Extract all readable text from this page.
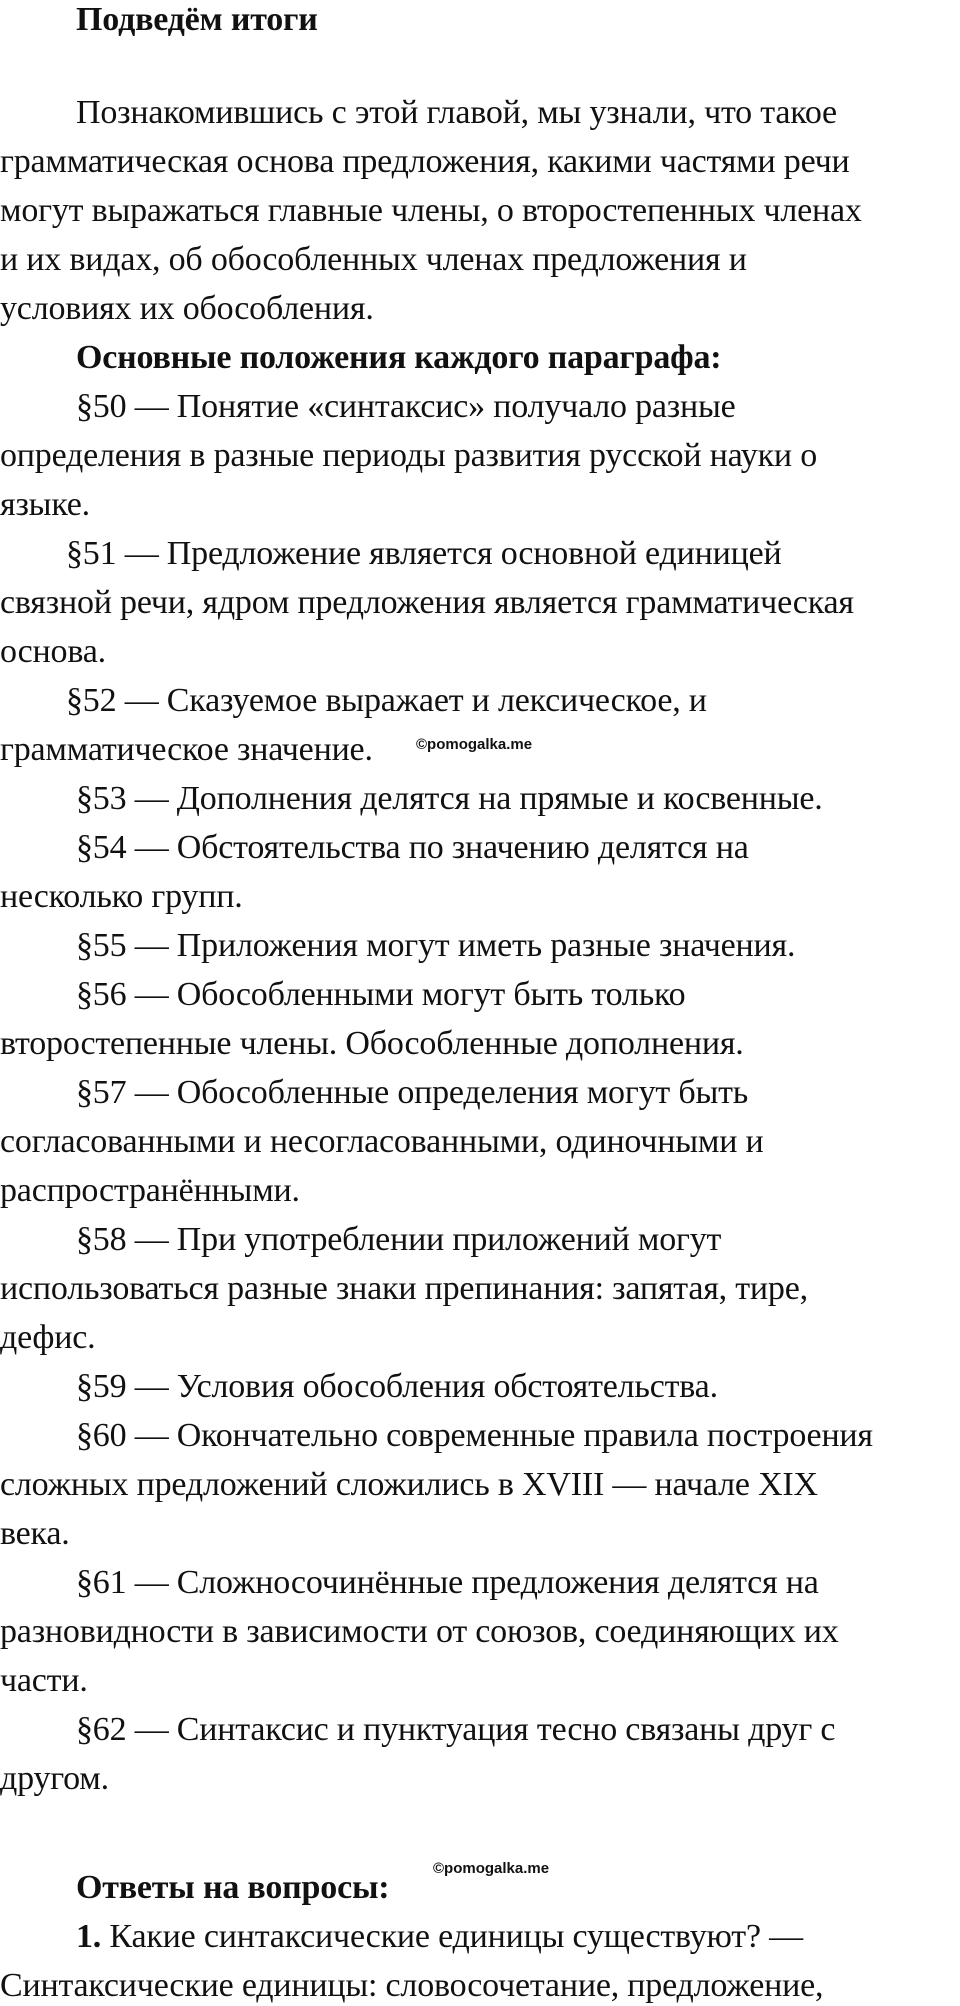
Подведём итоги
Познакомившись с этой главой, мы узнали, что такое
грамматическая основа предложения, какими частями речи
могут выражаться главные члены, о второстепенных членах
и их видах, об обособленных членах предложения и
условиях их обособления.
Основные положения каждого параграфа:
§50 — Понятие «синтаксис» получало разные
определения в разные периоды развития русской науки о
языке.
§51 — Предложение является основной единицей
связной речи, ядром предложения является грамматическая
основа.
§52 — Сказуемое выражает и лексическое, и
грамматическое значение.	©pomogalka.me
§53 — Дополнения делятся на прямые и косвенные.
§54 — Обстоятельства по значению делятся на
несколько групп.
§55 — Приложения могут иметь разные значения.
§56 — Обособленными могут быть только
второстепенные члены. Обособленные дополнения.
§57 — Обособленные определения могут быть
согласованными и несогласованными, одиночными и
распространёнными.
§58 — При употреблении приложений могут
использоваться разные знаки препинания: запятая, тире,
дефис.
§59 — Условия обособления обстоятельства.
§60 — Окончательно современные правила построения
сложных предложений сложились в XVIII — начале XIX
века.
§61 — Сложносочинённые предложения делятся на
разновидности в зависимости от союзов, соединяющих их
части.
§62 — Синтаксис и пунктуация тесно связаны друг с
другом.
Ответы на вопросы:
©pomogalka.me
1. Какие синтаксические единицы существуют? —
Синтаксические единицы: словосочетание, предложение,
